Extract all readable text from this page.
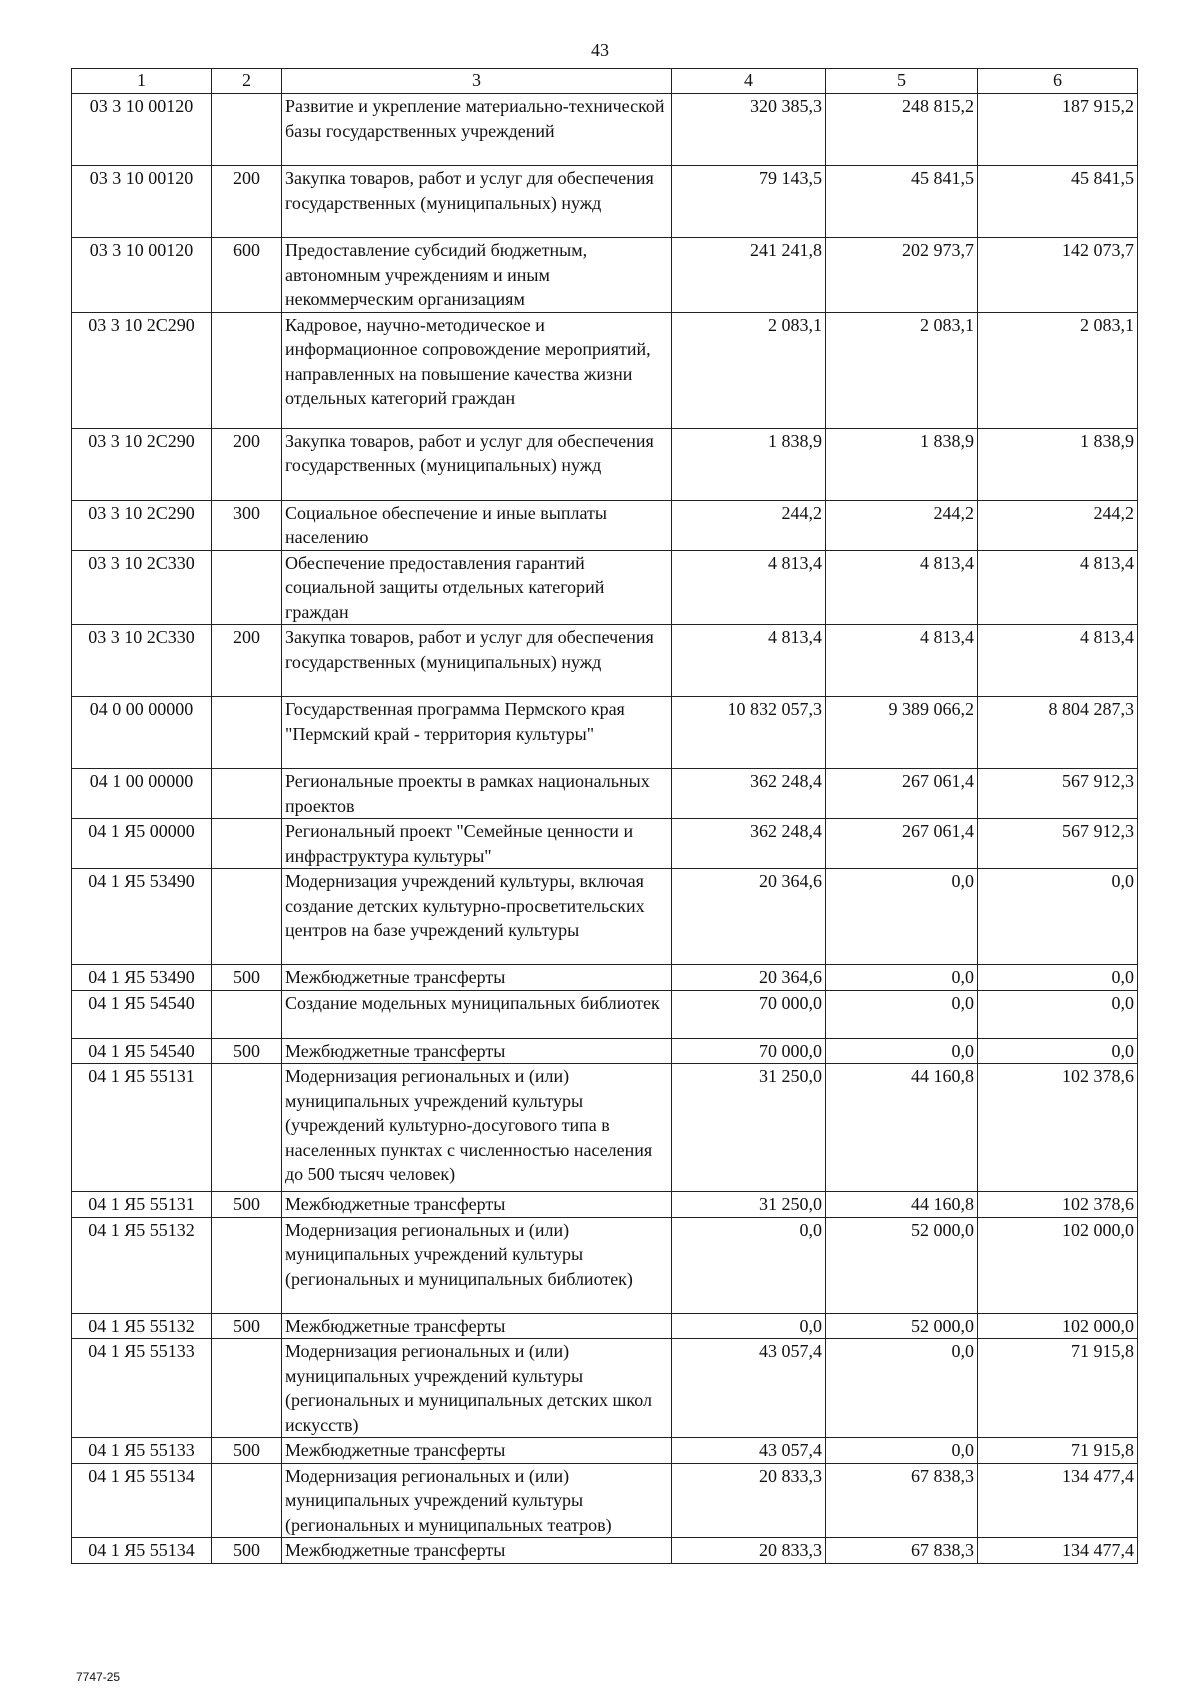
43
1	2	3	4	5	6
03 3 10 00120		Развитие и укрепление материально-технической базы государственных учреждений	320 385,3	248 815,2	187 915,2
03 3 10 00120	200	Закупка товаров, работ и услуг для обеспечения государственных (муниципальных) нужд	79 143,5	45 841,5	45 841,5
03 3 10 00120	600	Предоставление субсидий бюджетным, автономным учреждениям и иным некоммерческим организациям	241 241,8	202 973,7	142 073,7
03 3 10 2С290		Кадровое, научно-методическое и информационное сопровождение мероприятий, направленных на повышение качества жизни отдельных категорий граждан	2 083,1	2 083,1	2 083,1
03 3 10 2С290	200	Закупка товаров, работ и услуг для обеспечения государственных (муниципальных) нужд	1 838,9	1 838,9	1 838,9
03 3 10 2С290	300	Социальное обеспечение и иные выплаты населению	244,2	244,2	244,2
03 3 10 2С330		Обеспечение предоставления гарантий социальной защиты отдельных категорий граждан	4 813,4	4 813,4	4 813,4
03 3 10 2С330	200	Закупка товаров, работ и услуг для обеспечения государственных (муниципальных) нужд	4 813,4	4 813,4	4 813,4
04 0 00 00000		Государственная программа Пермского края "Пермский край - территория культуры"	10 832 057,3	9 389 066,2	8 804 287,3
04 1 00 00000		Региональные проекты в рамках национальных проектов	362 248,4	267 061,4	567 912,3
04 1 Я5 00000		Региональный проект "Семейные ценности и инфраструктура культуры"	362 248,4	267 061,4	567 912,3
04 1 Я5 53490		Модернизация учреждений культуры, включая создание детских культурно-просветительских центров на базе учреждений культуры	20 364,6	0,0	0,0
04 1 Я5 53490	500	Межбюджетные трансферты	20 364,6	0,0	0,0
04 1 Я5 54540		Создание модельных муниципальных библиотек	70 000,0	0,0	0,0
04 1 Я5 54540	500	Межбюджетные трансферты	70 000,0	0,0	0,0
04 1 Я5 55131		Модернизация региональных и (или) муниципальных учреждений культуры (учреждений культурно-досугового типа в населенных пунктах с численностью населения до 500 тысяч человек)	31 250,0	44 160,8	102 378,6
04 1 Я5 55131	500	Межбюджетные трансферты	31 250,0	44 160,8	102 378,6
04 1 Я5 55132		Модернизация региональных и (или) муниципальных учреждений культуры (региональных и муниципальных библиотек)	0,0	52 000,0	102 000,0
04 1 Я5 55132	500	Межбюджетные трансферты	0,0	52 000,0	102 000,0
04 1 Я5 55133		Модернизация региональных и (или) муниципальных учреждений культуры (региональных и муниципальных детских школ искусств)	43 057,4	0,0	71 915,8
04 1 Я5 55133	500	Межбюджетные трансферты	43 057,4	0,0	71 915,8
04 1 Я5 55134		Модернизация региональных и (или) муниципальных учреждений культуры (региональных и муниципальных театров)	20 833,3	67 838,3	134 477,4
04 1 Я5 55134	500	Межбюджетные трансферты	20 833,3	67 838,3	134 477,4
7747-25
